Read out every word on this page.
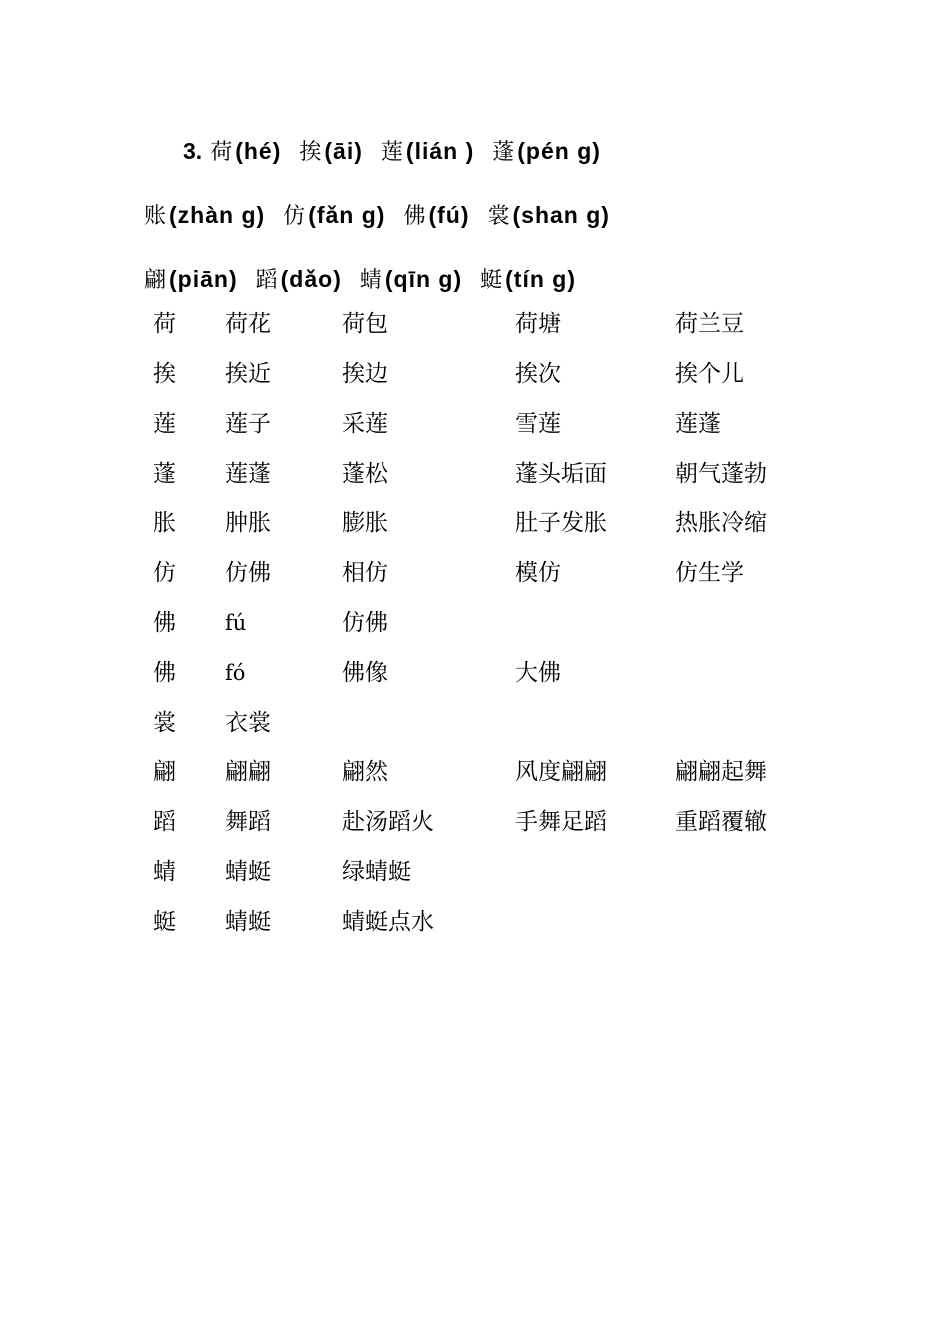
3. 荷 (hé) 挨 (āi) 莲 (lián ) 蓬 (pén g)
账 (zhàn g) 仿 (fǎn g) 佛 (fú) 裳 (shan g)
翩 (piān) 蹈 (dǎo) 蜻 (qīn g) 蜓 (tín g)
荷 荷花	荷包	荷塘	荷兰豆
挨 挨近	挨边	挨次	挨个儿
莲 莲子	采莲	雪莲	莲蓬
蓬 莲蓬	蓬松	蓬头垢面	朝气蓬勃
胀 肿胀	膨胀	肚子发胀	热胀冷缩
仿 仿佛	相仿	模仿	仿生学
佛 fú	仿佛
佛 fó	佛像	大佛
裳 衣裳
翩 翩翩	翩然	风度翩翩	翩翩起舞
蹈 舞蹈	赴汤蹈火	手舞足蹈	重蹈覆辙
蜻 蜻蜓	绿蜻蜓
蜓 蜻蜓	蜻蜓点水
